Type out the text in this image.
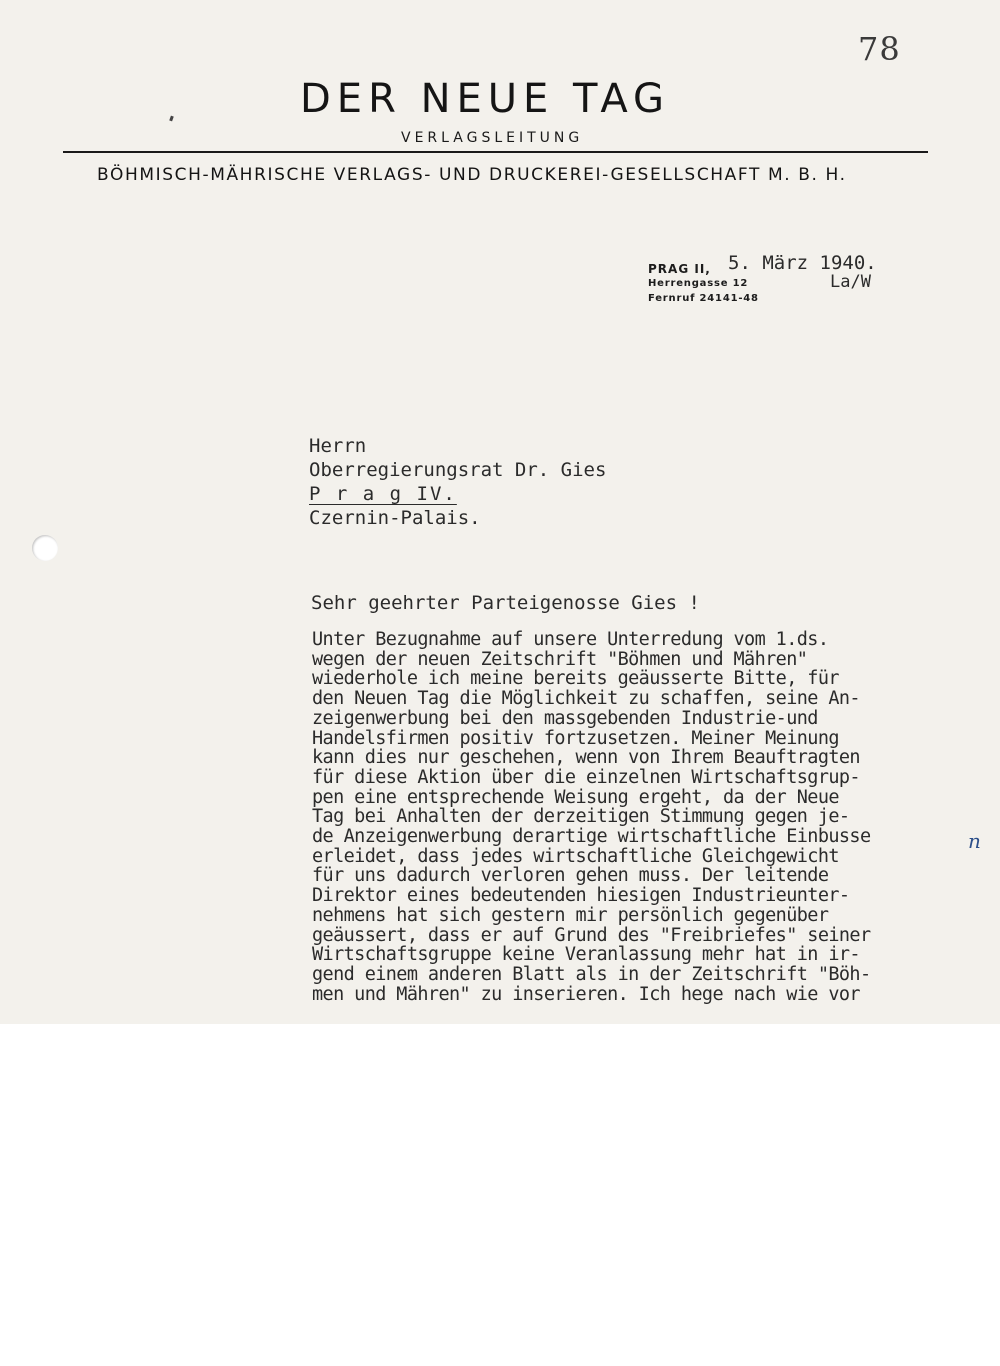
78
DER NEUE TAG
VERLAGSLEITUNG
BÖHMISCH-MÄHRISCHE VERLAGS- UND DRUCKEREI-GESELLSCHAFT M. B. H.
PRAG II,
Herrengasse 12
Fernruf 24141-48
5. März 1940.
La/W
Herrn
Oberregierungsrat Dr. Gies
P r a g IV.
Czernin-Palais.
Sehr geehrter Parteigenosse Gies !
Unter Bezugnahme auf unsere Unterredung vom 1.ds.
wegen der neuen Zeitschrift "Böhmen und Mähren"
wiederhole ich meine bereits geäusserte Bitte, für
den Neuen Tag die Möglichkeit zu schaffen, seine An-
zeigenwerbung bei den massgebenden Industrie-und
Handelsfirmen positiv fortzusetzen. Meiner Meinung
kann dies nur geschehen, wenn von Ihrem Beauftragten
für diese Aktion über die einzelnen Wirtschaftsgrup-
pen eine entsprechende Weisung ergeht, da der Neue
Tag bei Anhalten der derzeitigen Stimmung gegen je-
de Anzeigenwerbung derartige wirtschaftliche Einbusse
erleidet, dass jedes wirtschaftliche Gleichgewicht
für uns dadurch verloren gehen muss. Der leitende
Direktor eines bedeutenden hiesigen Industrieunter-
nehmens hat sich gestern mir persönlich gegenüber
geäussert, dass er auf Grund des "Freibriefes" seiner
Wirtschaftsgruppe keine Veranlassung mehr hat in ir-
gend einem anderen Blatt als in der Zeitschrift "Böh-
men und Mähren" zu inserieren. Ich hege nach wie vor
n
